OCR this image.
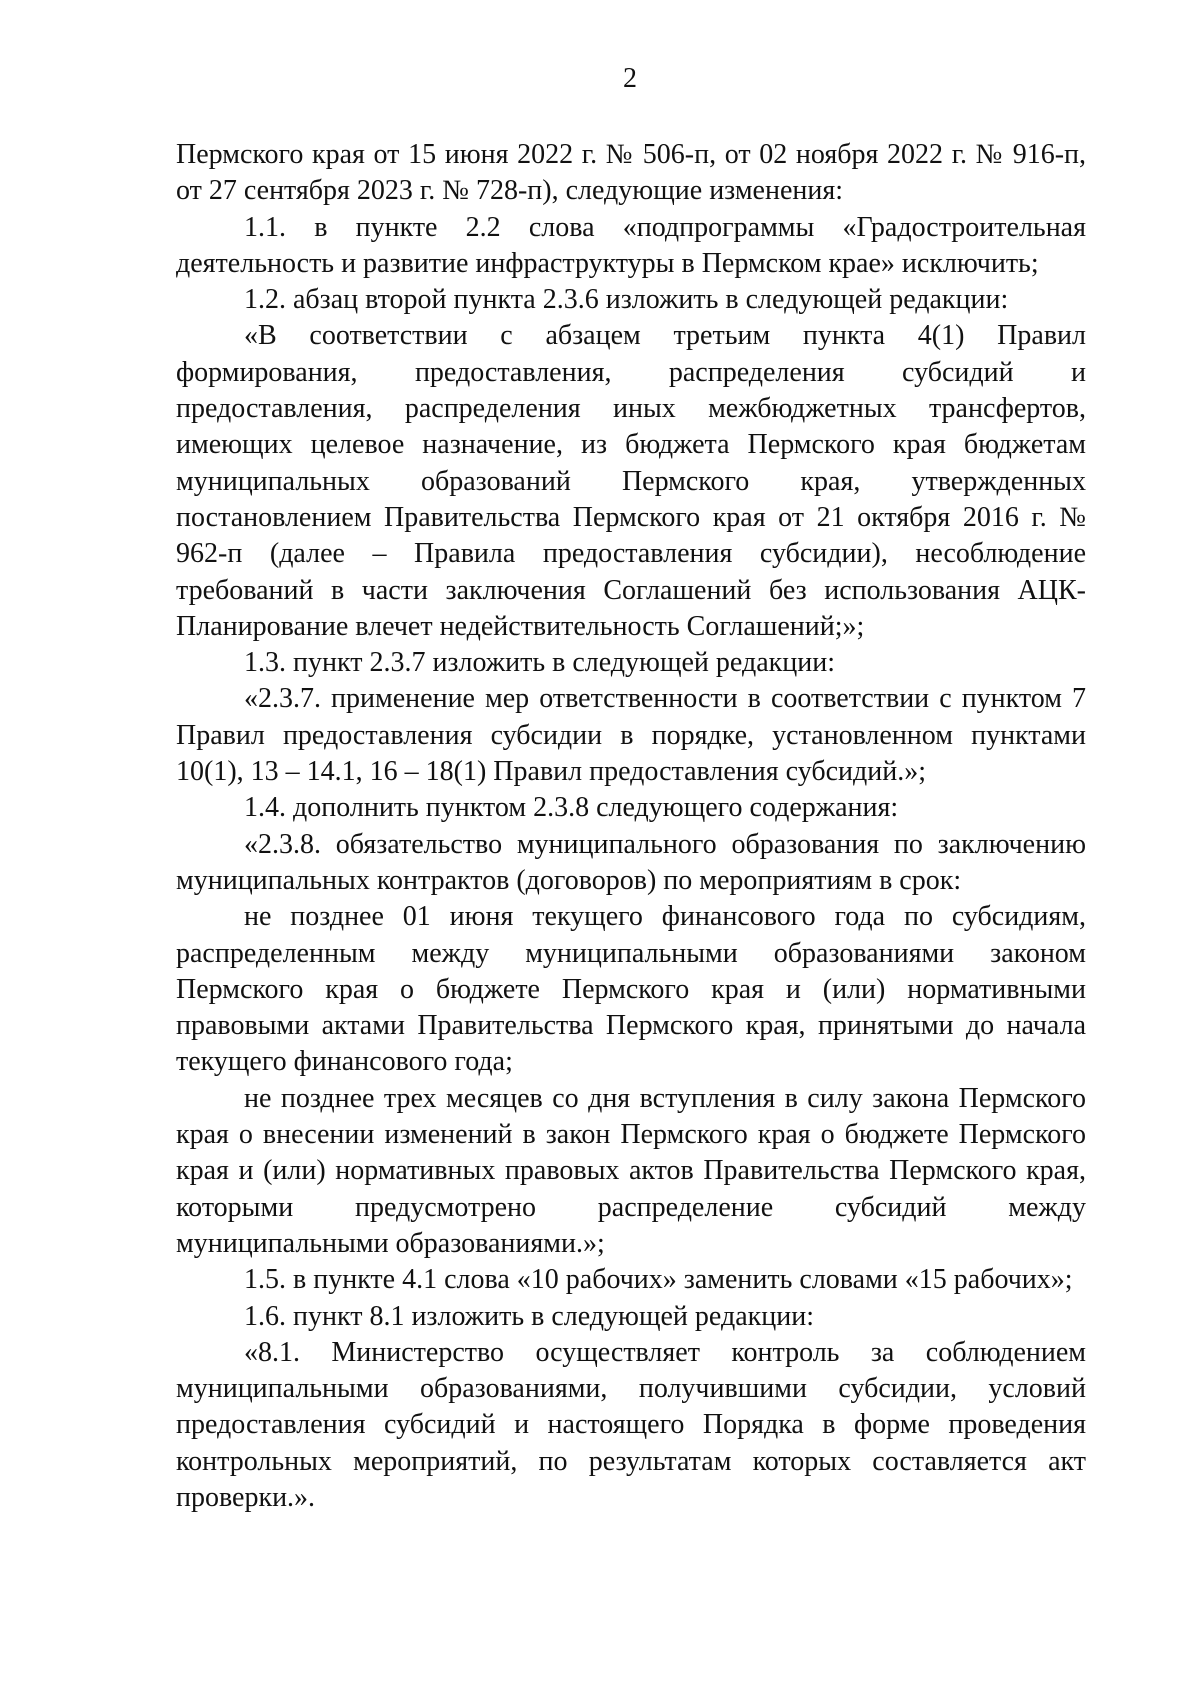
2

Пермского края от 15 июня 2022 г. № 506-п, от 02 ноября 2022 г. № 916-п, от 27 сентября 2023 г. № 728-п), следующие изменения:

1.1. в пункте 2.2 слова «подпрограммы «Градостроительная деятельность и развитие инфраструктуры в Пермском крае» исключить;

1.2. абзац второй пункта 2.3.6 изложить в следующей редакции:

«В соответствии с абзацем третьим пункта 4(1) Правил формирования, предоставления, распределения субсидий и предоставления, распределения иных межбюджетных трансфертов, имеющих целевое назначение, из бюджета Пермского края бюджетам муниципальных образований Пермского края, утвержденных постановлением Правительства Пермского края от 21 октября 2016 г. № 962-п (далее – Правила предоставления субсидии), несоблюдение требований в части заключения Соглашений без использования АЦК-Планирование влечет недействительность Соглашений;»;

1.3. пункт 2.3.7 изложить в следующей редакции:

«2.3.7. применение мер ответственности в соответствии с пунктом 7 Правил предоставления субсидии в порядке, установленном пунктами 10(1), 13 – 14.1, 16 – 18(1) Правил предоставления субсидий.»;

1.4. дополнить пунктом 2.3.8 следующего содержания:

«2.3.8. обязательство муниципального образования по заключению муниципальных контрактов (договоров) по мероприятиям в срок:

не позднее 01 июня текущего финансового года по субсидиям, распределенным между муниципальными образованиями законом Пермского края о бюджете Пермского края и (или) нормативными правовыми актами Правительства Пермского края, принятыми до начала текущего финансового года;

не позднее трех месяцев со дня вступления в силу закона Пермского края о внесении изменений в закон Пермского края о бюджете Пермского края и (или) нормативных правовых актов Правительства Пермского края, которыми предусмотрено распределение субсидий между муниципальными образованиями.»;

1.5. в пункте 4.1 слова «10 рабочих» заменить словами «15 рабочих»;

1.6. пункт 8.1 изложить в следующей редакции:

«8.1. Министерство осуществляет контроль за соблюдением муниципальными образованиями, получившими субсидии, условий предоставления субсидий и настоящего Порядка в форме проведения контрольных мероприятий, по результатам которых составляется акт проверки.».
